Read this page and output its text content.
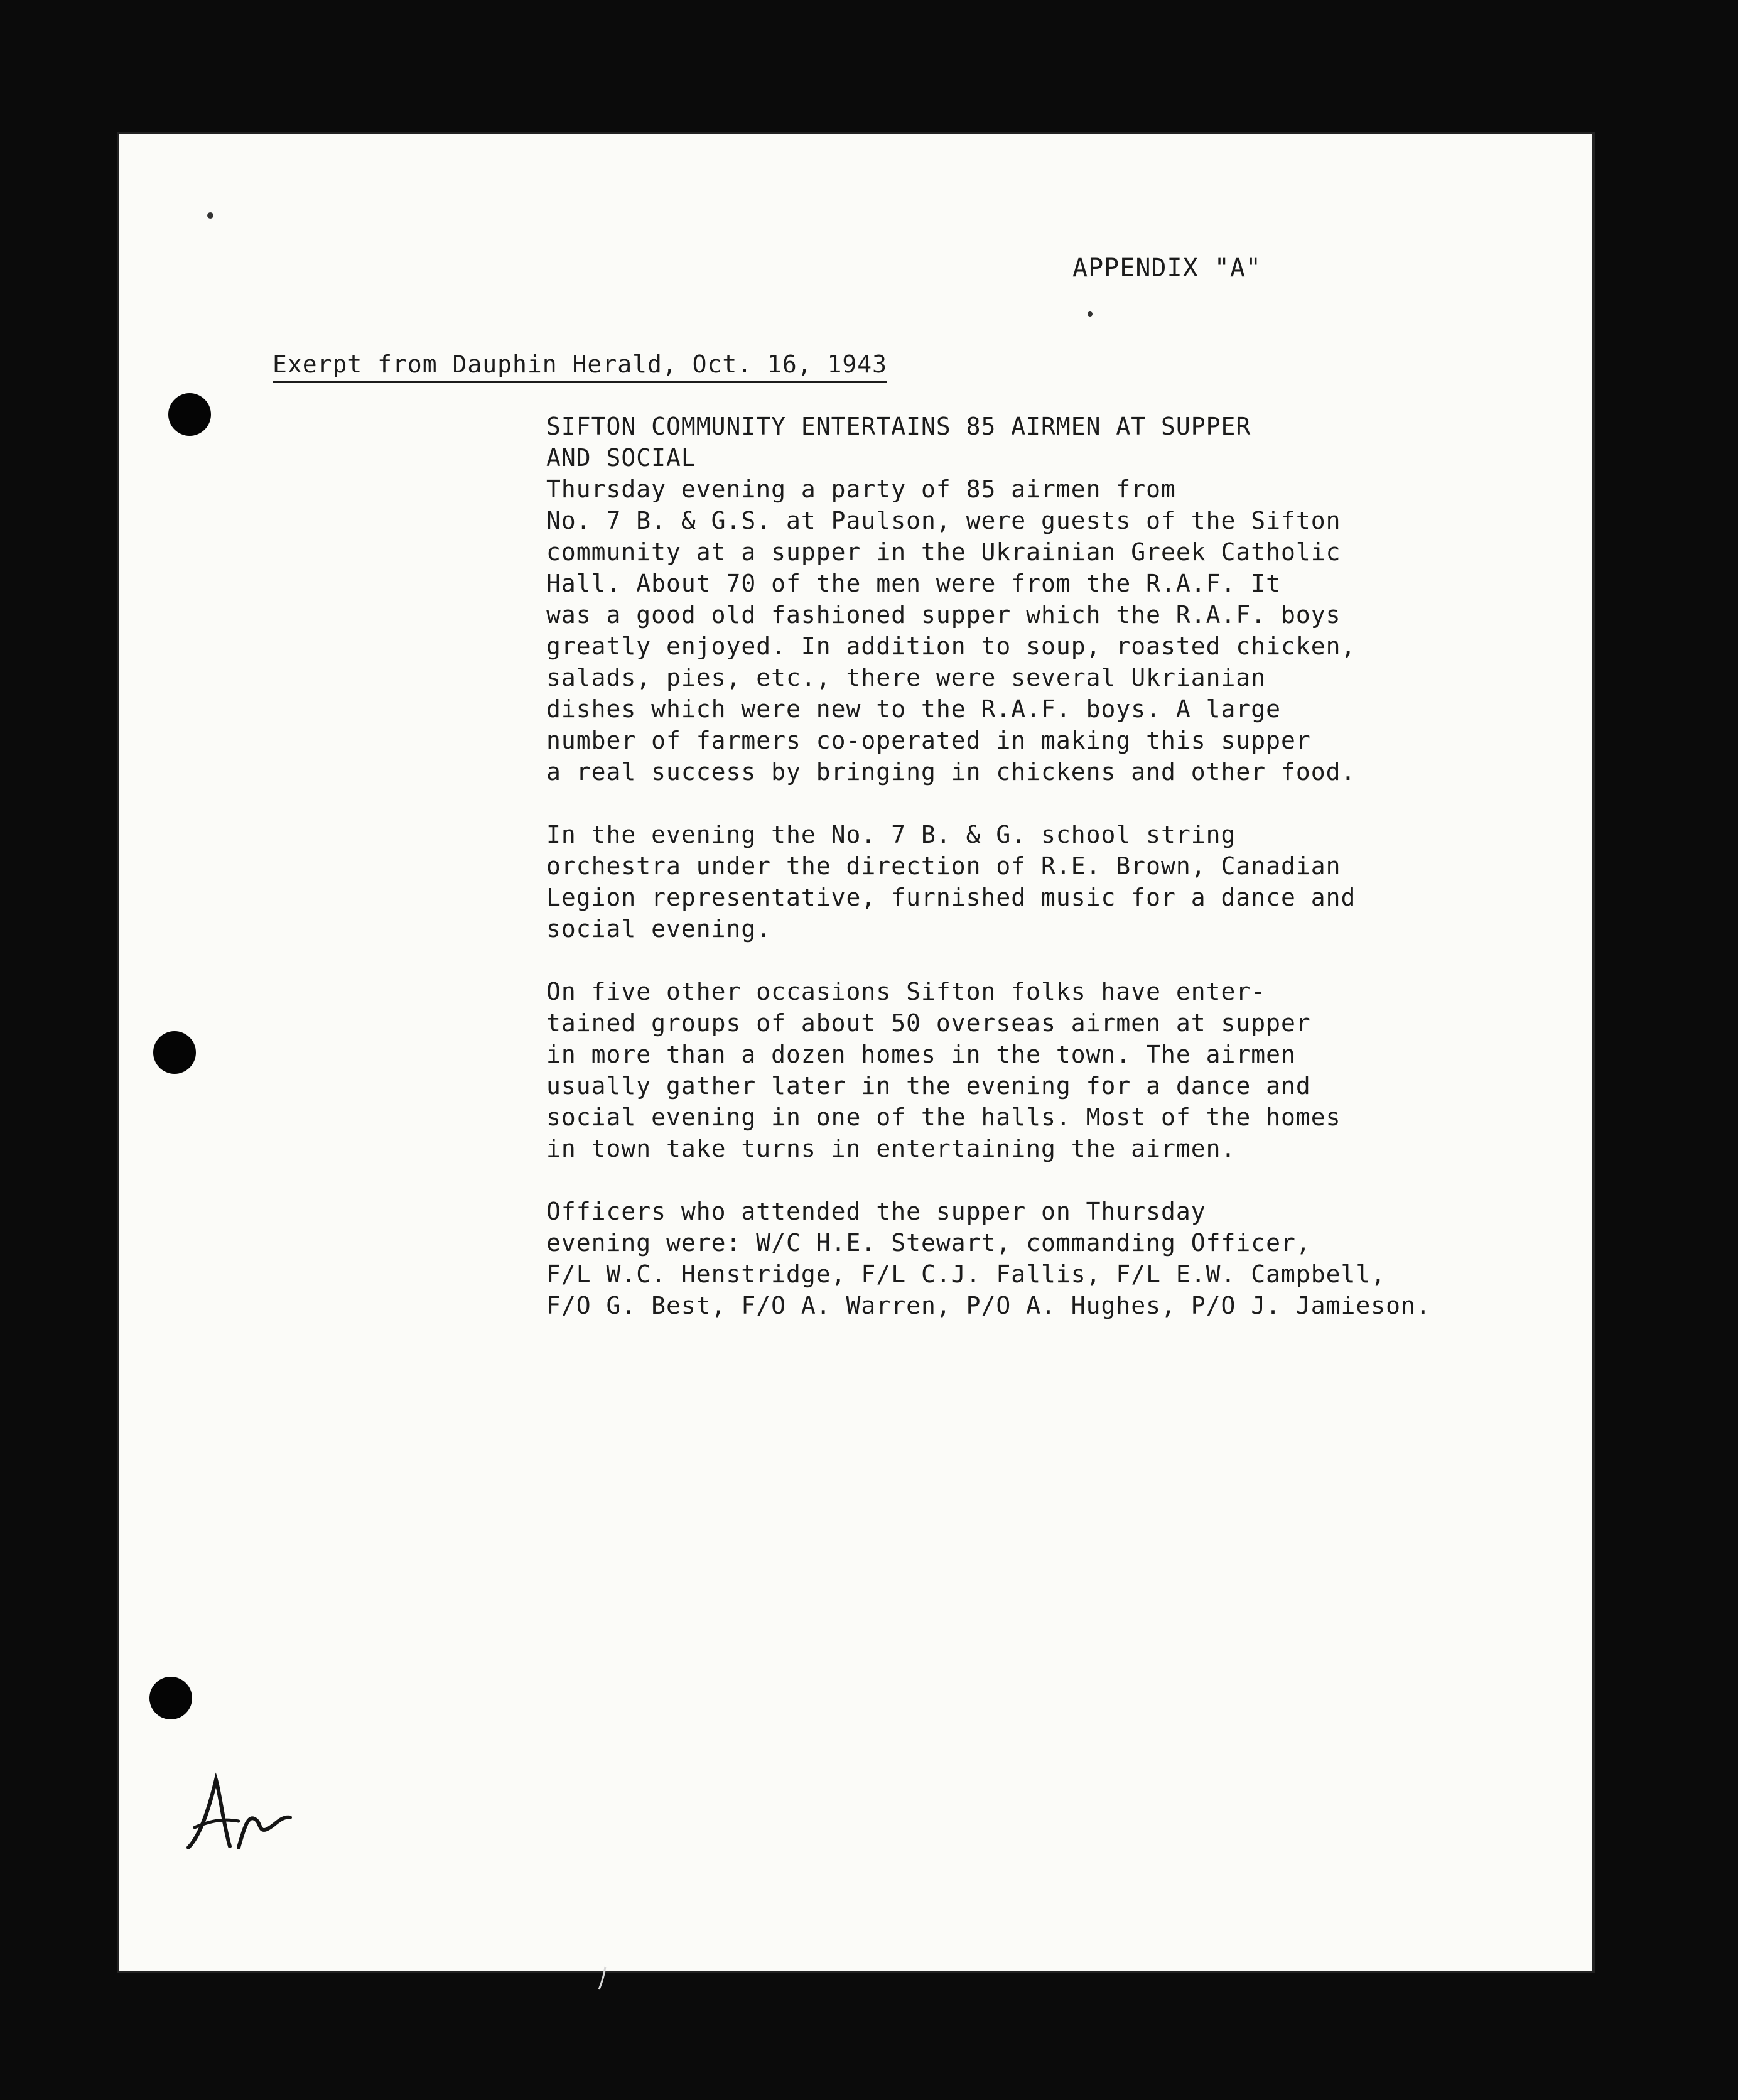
APPENDIX "A"
Exerpt from Dauphin Herald, Oct. 16, 1943
SIFTON COMMUNITY ENTERTAINS 85 AIRMEN AT SUPPER
AND SOCIAL

Thursday evening a party of 85 airmen from
No. 7 B. & G.S. at Paulson, were guests of the Sifton
community at a supper in the Ukrainian Greek Catholic
Hall. About 70 of the men were from the R.A.F. It
was a good old fashioned supper which the R.A.F. boys
greatly enjoyed. In addition to soup, roasted chicken,
salads, pies, etc., there were several Ukrianian
dishes which were new to the R.A.F. boys. A large
number of farmers co-operated in making this supper
a real success by bringing in chickens and other food.

In the evening the No. 7 B. & G. school string
orchestra under the direction of R.E. Brown, Canadian
Legion representative, furnished music for a dance and
social evening.

On five other occasions Sifton folks have enter-
tained groups of about 50 overseas airmen at supper
in more than a dozen homes in the town. The airmen
usually gather later in the evening for a dance and
social evening in one of the halls. Most of the homes
in town take turns in entertaining the airmen.

Officers who attended the supper on Thursday
evening were: W/C H.E. Stewart, commanding Officer,
F/L W.C. Henstridge, F/L C.J. Fallis, F/L E.W. Campbell,
F/O G. Best, F/O A. Warren, P/O A. Hughes, P/O J. Jamieson.
